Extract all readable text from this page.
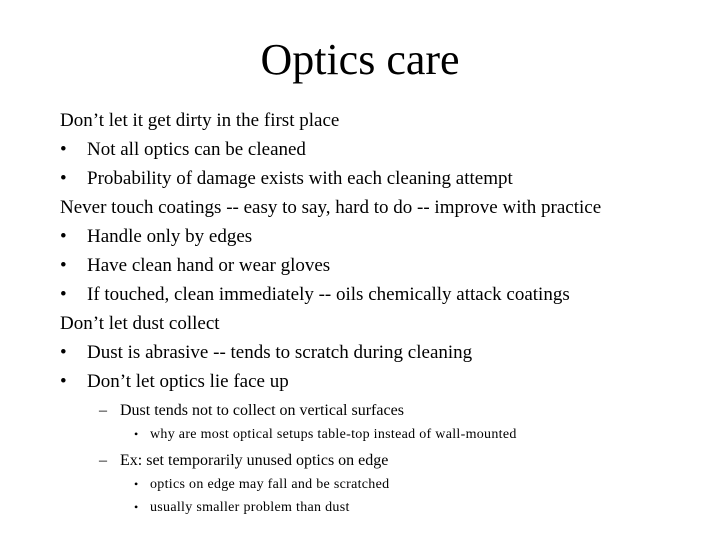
Optics care
Don’t let it get dirty in the first place
• Not all optics can be cleaned
• Probability of damage exists with each cleaning attempt
Never touch coatings -- easy to say, hard to do -- improve with practice
• Handle only by edges
• Have clean hand or wear gloves
• If touched, clean immediately -- oils chemically attack coatings
Don’t let dust collect
• Dust is abrasive -- tends to scratch during cleaning
• Don’t let optics lie face up
– Dust tends not to collect on vertical surfaces
• why are most optical setups table-top instead of wall-mounted
– Ex: set temporarily unused optics on edge
• optics on edge may fall and be scratched
• usually smaller problem than dust
